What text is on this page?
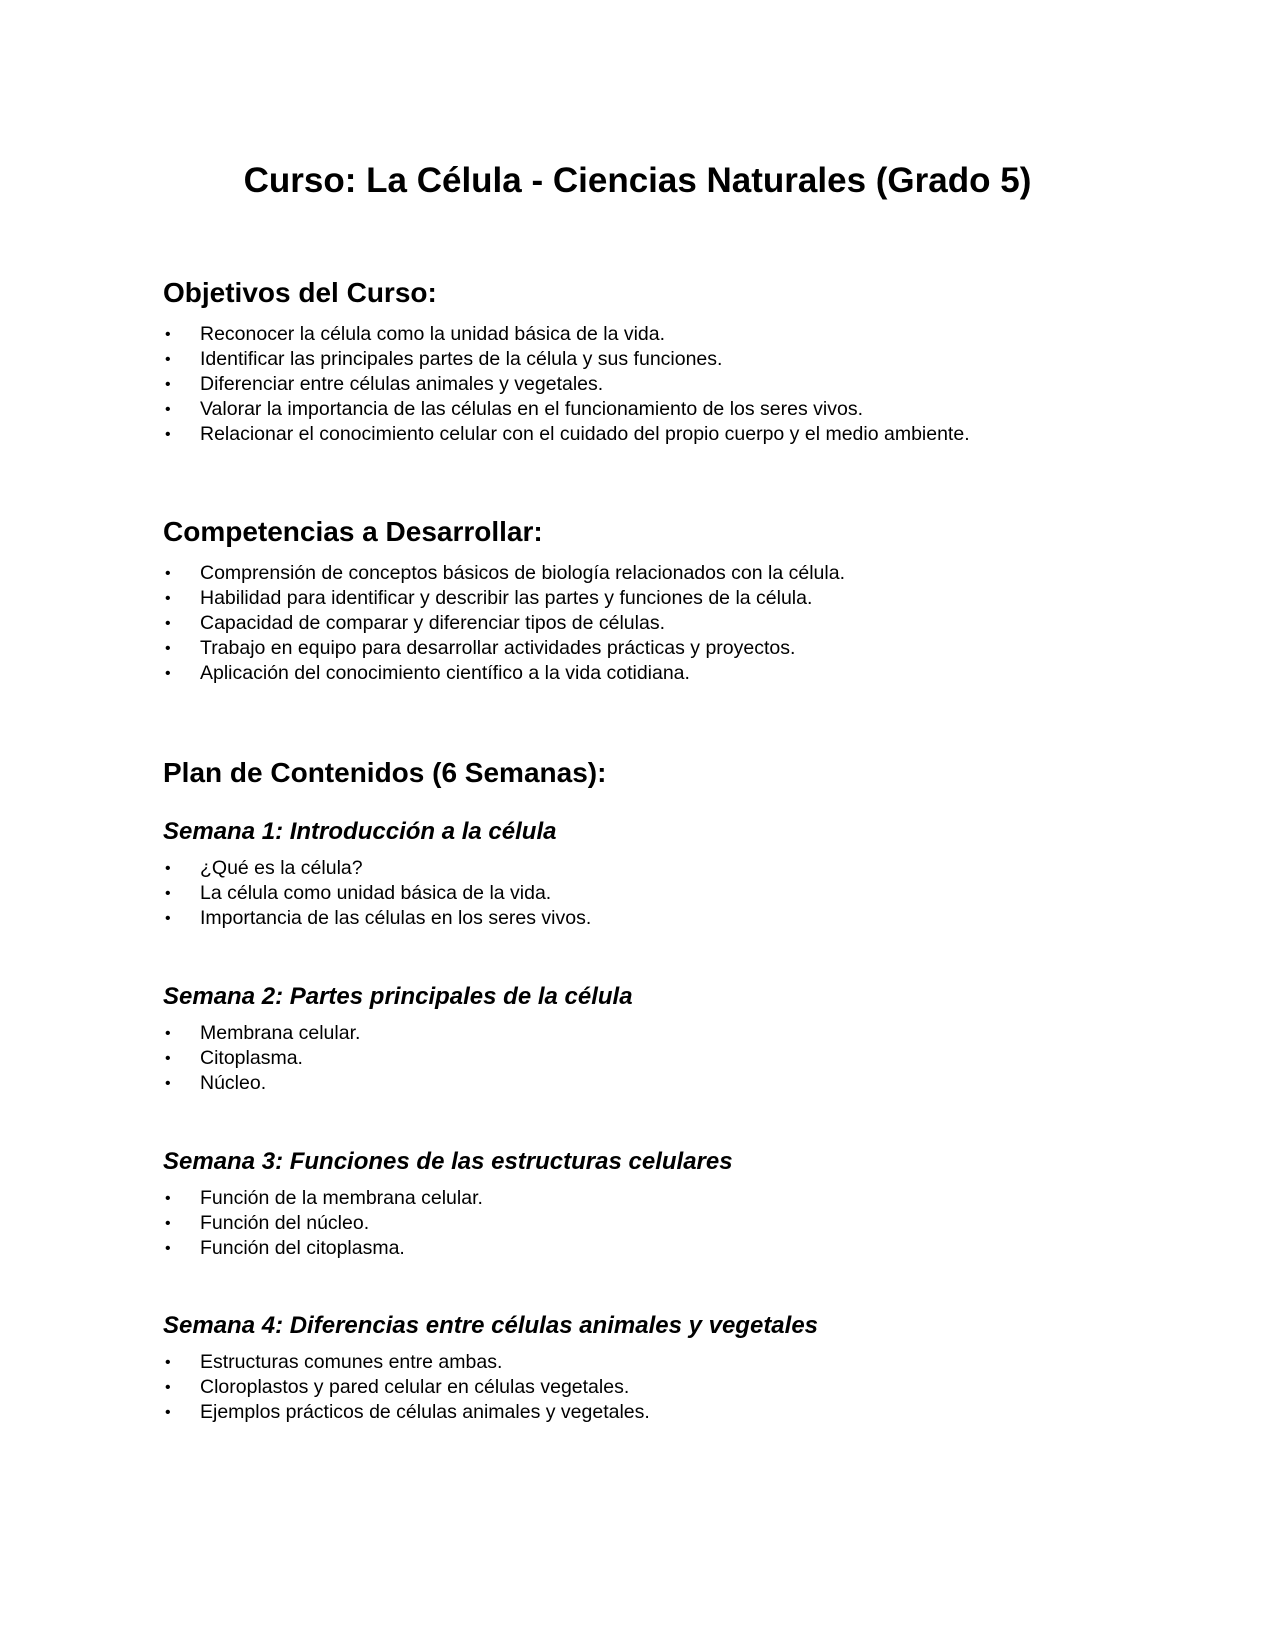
Curso: La Célula - Ciencias Naturales (Grado 5)
Objetivos del Curso:
• Reconocer la célula como la unidad básica de la vida.
• Identificar las principales partes de la célula y sus funciones.
• Diferenciar entre células animales y vegetales.
• Valorar la importancia de las células en el funcionamiento de los seres vivos.
• Relacionar el conocimiento celular con el cuidado del propio cuerpo y el medio ambiente.
Competencias a Desarrollar:
• Comprensión de conceptos básicos de biología relacionados con la célula.
• Habilidad para identificar y describir las partes y funciones de la célula.
• Capacidad de comparar y diferenciar tipos de células.
• Trabajo en equipo para desarrollar actividades prácticas y proyectos.
• Aplicación del conocimiento científico a la vida cotidiana.
Plan de Contenidos (6 Semanas):
Semana 1: Introducción a la célula
• ¿Qué es la célula?
• La célula como unidad básica de la vida.
• Importancia de las células en los seres vivos.
Semana 2: Partes principales de la célula
• Membrana celular.
• Citoplasma.
• Núcleo.
Semana 3: Funciones de las estructuras celulares
• Función de la membrana celular.
• Función del núcleo.
• Función del citoplasma.
Semana 4: Diferencias entre células animales y vegetales
• Estructuras comunes entre ambas.
• Cloroplastos y pared celular en células vegetales.
• Ejemplos prácticos de células animales y vegetales.
